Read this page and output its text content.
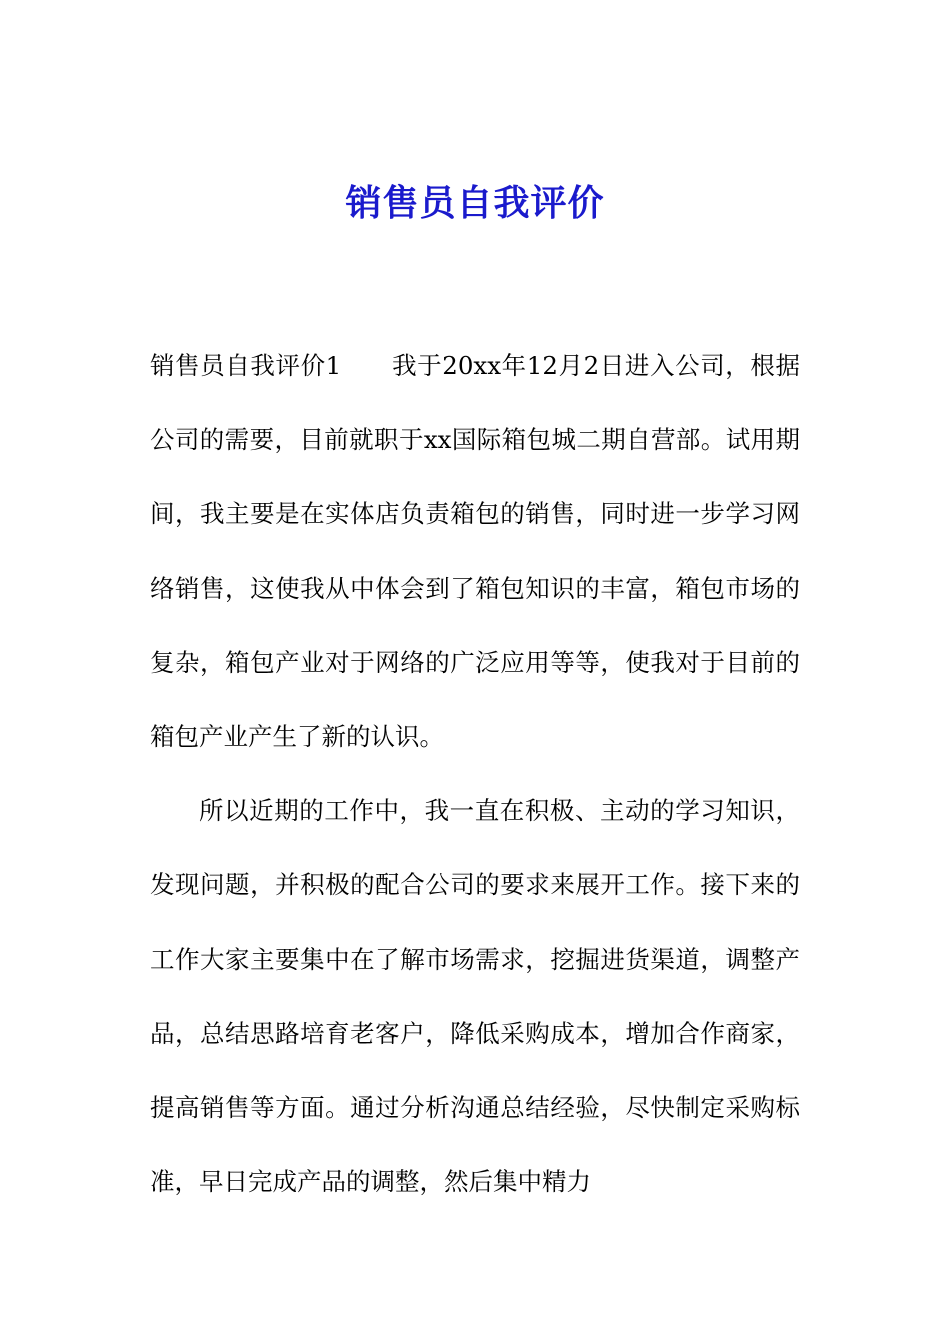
销售员自我评价

销售员自我评价1　　我于20xx年12月2日进入公司，根据公司的需要，目前就职于xx国际箱包城二期自营部。试用期间，我主要是在实体店负责箱包的销售，同时进一步学习网络销售，这使我从中体会到了箱包知识的丰富，箱包市场的复杂，箱包产业对于网络的广泛应用等等，使我对于目前的箱包产业产生了新的认识。

所以近期的工作中，我一直在积极、主动的学习知识，发现问题，并积极的配合公司的要求来展开工作。接下来的工作大家主要集中在了解市场需求，挖掘进货渠道，调整产品，总结思路培育老客户，降低采购成本，增加合作商家，提高销售等方面。通过分析沟通总结经验，尽快制定采购标准，早日完成产品的调整，然后集中精力
